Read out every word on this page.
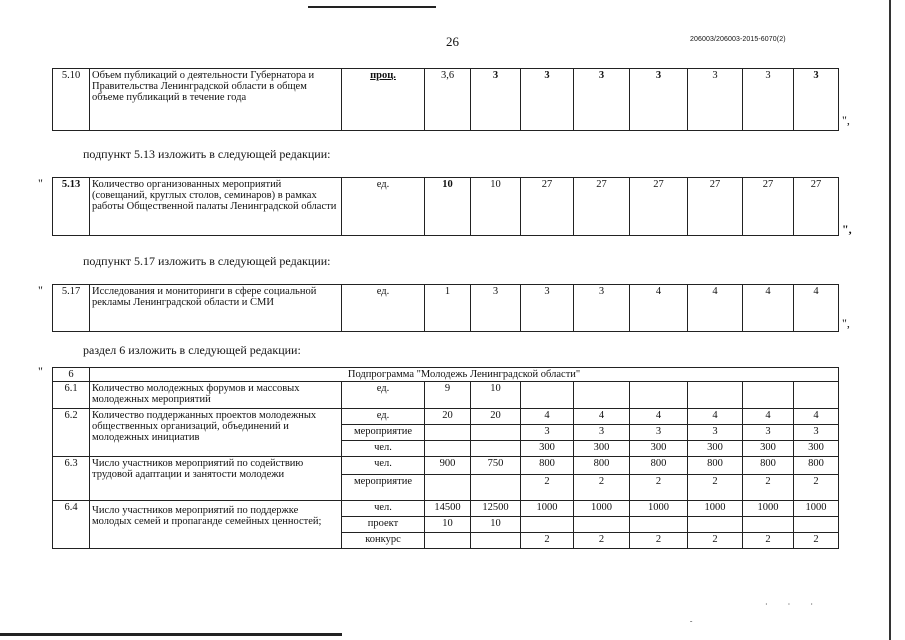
· · ·
ˇ
26	206003/206003-2015-6070(2)
5.10	Объем публикаций о деятельности Губернатора и Правительства Ленинградской области в общем объеме публикаций в течение года	проц.	3,6	3	3	3	3	3	3	3
",
подпункт 5.13 изложить в следующей редакции:
" 5.13	Количество организованных мероприятий (совещаний, круглых столов, семинаров) в рамках работы Общественной палаты Ленинградской области	ед.	10	10	27	27	27	27	27	27
",
подпункт 5.17 изложить в следующей редакции:
" 5.17	Исследования и мониторинги в сфере социальной рекламы Ленинградской области и СМИ	ед.	1	3	3	3	4	4	4	4
",
раздел 6 изложить в следующей редакции:
" 6	Подпрограмма "Молодежь Ленинградской области"									
6.1	Количество молодежных форумов и массовых молодежных мероприятий	ед.	9	10						
6.2	Количество поддержанных проектов молодежных общественных организаций, объединений и молодежных инициатив	ед.	20	20	4	4	4	4	4	4
		мероприятие			3	3	3	3	3	3
		чел.			300	300	300	300	300	300
6.3	Число участников мероприятий по содействию трудовой адаптации и занятости молодежи	чел.	900	750	800	800	800	800	800	800
		мероприятие			2	2	2	2	2	2
6.4	Число участников мероприятий по поддержке молодых семей и пропаганде семейных ценностей;	чел.	14500	12500	1000	1000	1000	1000	1000	1000
		проект	10	10						
		конкурс			2	2	2	2	2	2
